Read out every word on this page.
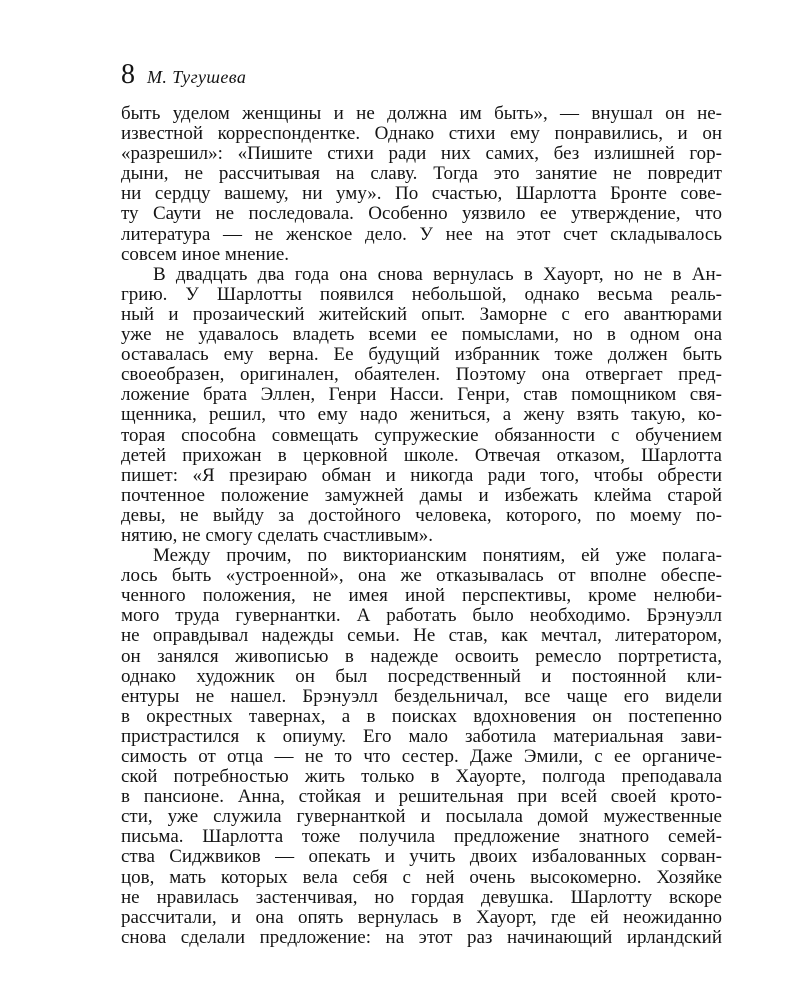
8 М. Тугушева
быть уделом женщины и не должна им быть», — внушал он не-
известной корреспондентке. Однако стихи ему понравились, и он
«разрешил»: «Пишите стихи ради них самих, без излишней гор-
дыни, не рассчитывая на славу. Тогда это занятие не повредит
ни сердцу вашему, ни уму». По счастью, Шарлотта Бронте сове-
ту Саути не последовала. Особенно уязвило ее утверждение, что
литература — не женское дело. У нее на этот счет складывалось
совсем иное мнение.
В двадцать два года она снова вернулась в Хауорт, но не в Ан-
грию. У Шарлотты появился небольшой, однако весьма реаль-
ный и прозаический житейский опыт. Заморне с его авантюрами
уже не удавалось владеть всеми ее помыслами, но в одном она
оставалась ему верна. Ее будущий избранник тоже должен быть
своеобразен, оригинален, обаятелен. Поэтому она отвергает пред-
ложение брата Эллен, Генри Насси. Генри, став помощником свя-
щенника, решил, что ему надо жениться, а жену взять такую, ко-
торая способна совмещать супружеские обязанности с обучением
детей прихожан в церковной школе. Отвечая отказом, Шарлотта
пишет: «Я презираю обман и никогда ради того, чтобы обрести
почтенное положение замужней дамы и избежать клейма старой
девы, не выйду за достойного человека, которого, по моему по-
нятию, не смогу сделать счастливым».
Между прочим, по викторианским понятиям, ей уже полага-
лось быть «устроенной», она же отказывалась от вполне обеспе-
ченного положения, не имея иной перспективы, кроме нелюби-
мого труда гувернантки. А работать было необходимо. Брэнуэлл
не оправдывал надежды семьи. Не став, как мечтал, литератором,
он занялся живописью в надежде освоить ремесло портретиста,
однако художник он был посредственный и постоянной кли-
ентуры не нашел. Брэнуэлл бездельничал, все чаще его видели
в окрестных тавернах, а в поисках вдохновения он постепенно
пристрастился к опиуму. Его мало заботила материальная зави-
симость от отца — не то что сестер. Даже Эмили, с ее органиче-
ской потребностью жить только в Хауорте, полгода преподавала
в пансионе. Анна, стойкая и решительная при всей своей крото-
сти, уже служила гувернанткой и посылала домой мужественные
письма. Шарлотта тоже получила предложение знатного семей-
ства Сиджвиков — опекать и учить двоих избалованных сорван-
цов, мать которых вела себя с ней очень высокомерно. Хозяйке
не нравилась застенчивая, но гордая девушка. Шарлотту вскоре
рассчитали, и она опять вернулась в Хауорт, где ей неожиданно
снова сделали предложение: на этот раз начинающий ирландский
